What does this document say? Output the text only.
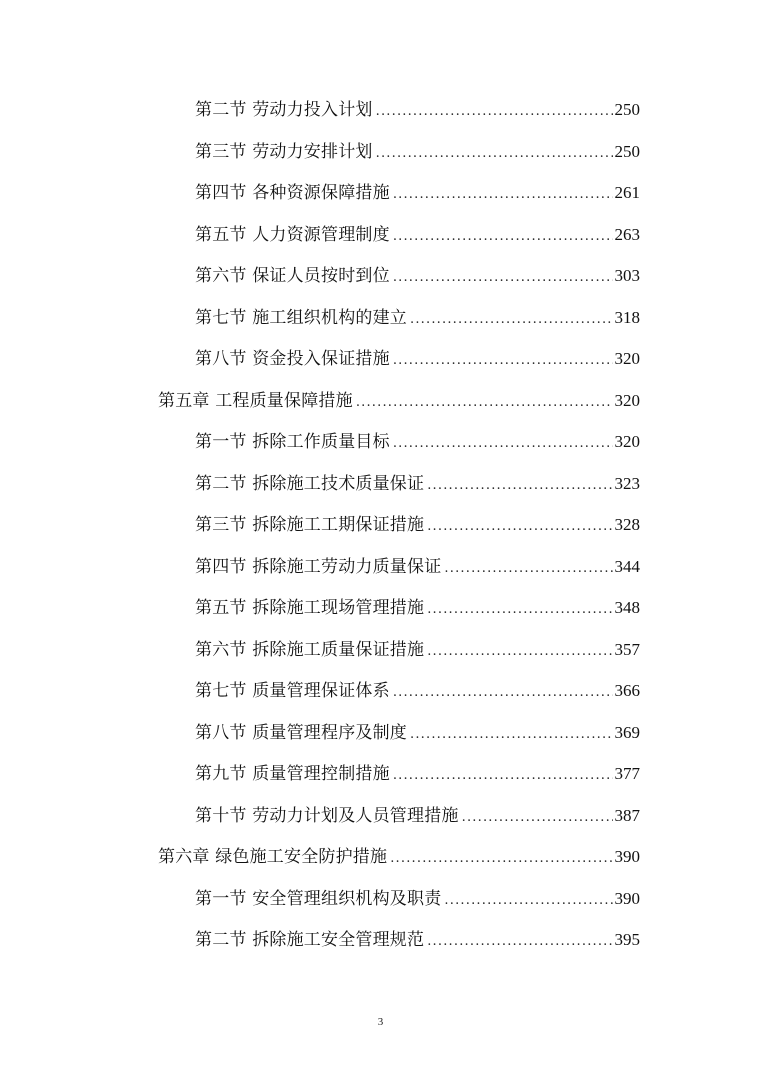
第二节 劳动力投入计划 .....	250
第三节 劳动力安排计划 .....	250
第四节 各种资源保障措施 .....	261
第五节 人力资源管理制度 .....	263
第六节 保证人员按时到位 .....	303
第七节 施工组织机构的建立 .....	318
第八节 资金投入保证措施 .....	320
第五章 工程质量保障措施 .....	320
第一节 拆除工作质量目标 .....	320
第二节 拆除施工技术质量保证 .....	323
第三节 拆除施工工期保证措施 .....	328
第四节 拆除施工劳动力质量保证 .....	344
第五节 拆除施工现场管理措施 .....	348
第六节 拆除施工质量保证措施 .....	357
第七节 质量管理保证体系 .....	366
第八节 质量管理程序及制度 .....	369
第九节 质量管理控制措施 .....	377
第十节 劳动力计划及人员管理措施 .....	387
第六章 绿色施工安全防护措施 .....	390
第一节 安全管理组织机构及职责 .....	390
第二节 拆除施工安全管理规范 .....	395
3
